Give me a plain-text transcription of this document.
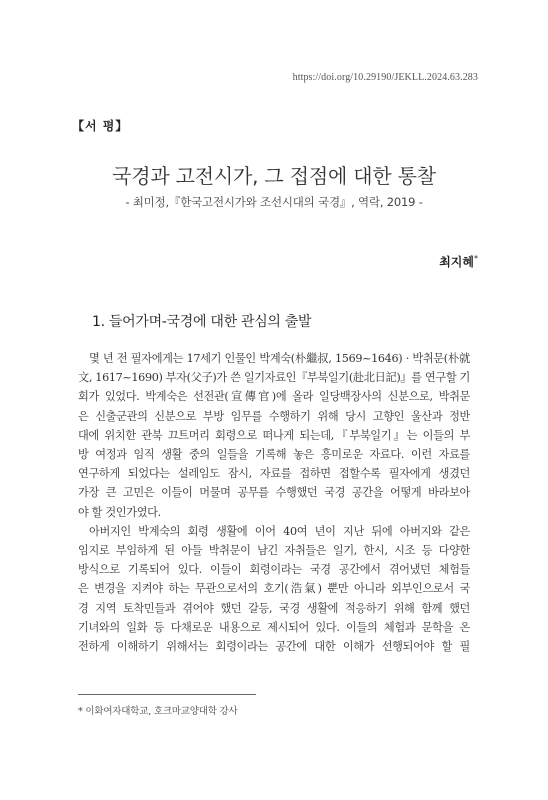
https://doi.org/10.29190/JEKLL.2024.63.283
【서 평】
국경과 고전시가, 그 접점에 대한 통찰
- 최미정,『한국고전시가와 조선시대의 국경』, 역락, 2019 -
최지혜*
1. 들어가며-국경에 대한 관심의 출발
몇 년 전 필자에게는 17세기 인물인 박계숙(朴繼叔, 1569~1646) · 박취문(朴就
文, 1617~1690) 부자(父子)가 쓴 일기자료인『부북일기(赴北日記)』를 연구할 기
회가 있었다. 박계숙은 선전관(宣傳官)에 올라 일당백장사의 신분으로, 박취문
은 신출군관의 신분으로 부방 임무를 수행하기 위해 당시 고향인 울산과 정반
대에 위치한 관북 끄트머리 회령으로 떠나게 되는데,『부북일기』는 이들의 부
방 여정과 임직 생활 중의 일들을 기록해 놓은 흥미로운 자료다. 이런 자료를
연구하게 되었다는 설레임도 잠시, 자료를 접하면 접할수록 필자에게 생겼던
가장 큰 고민은 이들이 머물며 공무를 수행했던 국경 공간을 어떻게 바라보아
야 할 것인가였다.
아버지인 박계숙의 회령 생활에 이어 40여 년이 지난 뒤에 아버지와 같은
임지로 부임하게 된 아들 박취문이 남긴 자취들은 일기, 한시, 시조 등 다양한
방식으로 기록되어 있다. 이들이 회령이라는 국경 공간에서 겪어냈던 체험들
은 변경을 지켜야 하는 무관으로서의 호기(浩氣) 뿐만 아니라 외부인으로서 국
경 지역 토착민들과 겪어야 했던 갈등, 국경 생활에 적응하기 위해 함께 했던
기녀와의 일화 등 다채로운 내용으로 제시되어 있다. 이들의 체험과 문학을 온
전하게 이해하기 위해서는 회령이라는 공간에 대한 이해가 선행되어야 할 필
* 이화여자대학교, 호크마교양대학 강사
